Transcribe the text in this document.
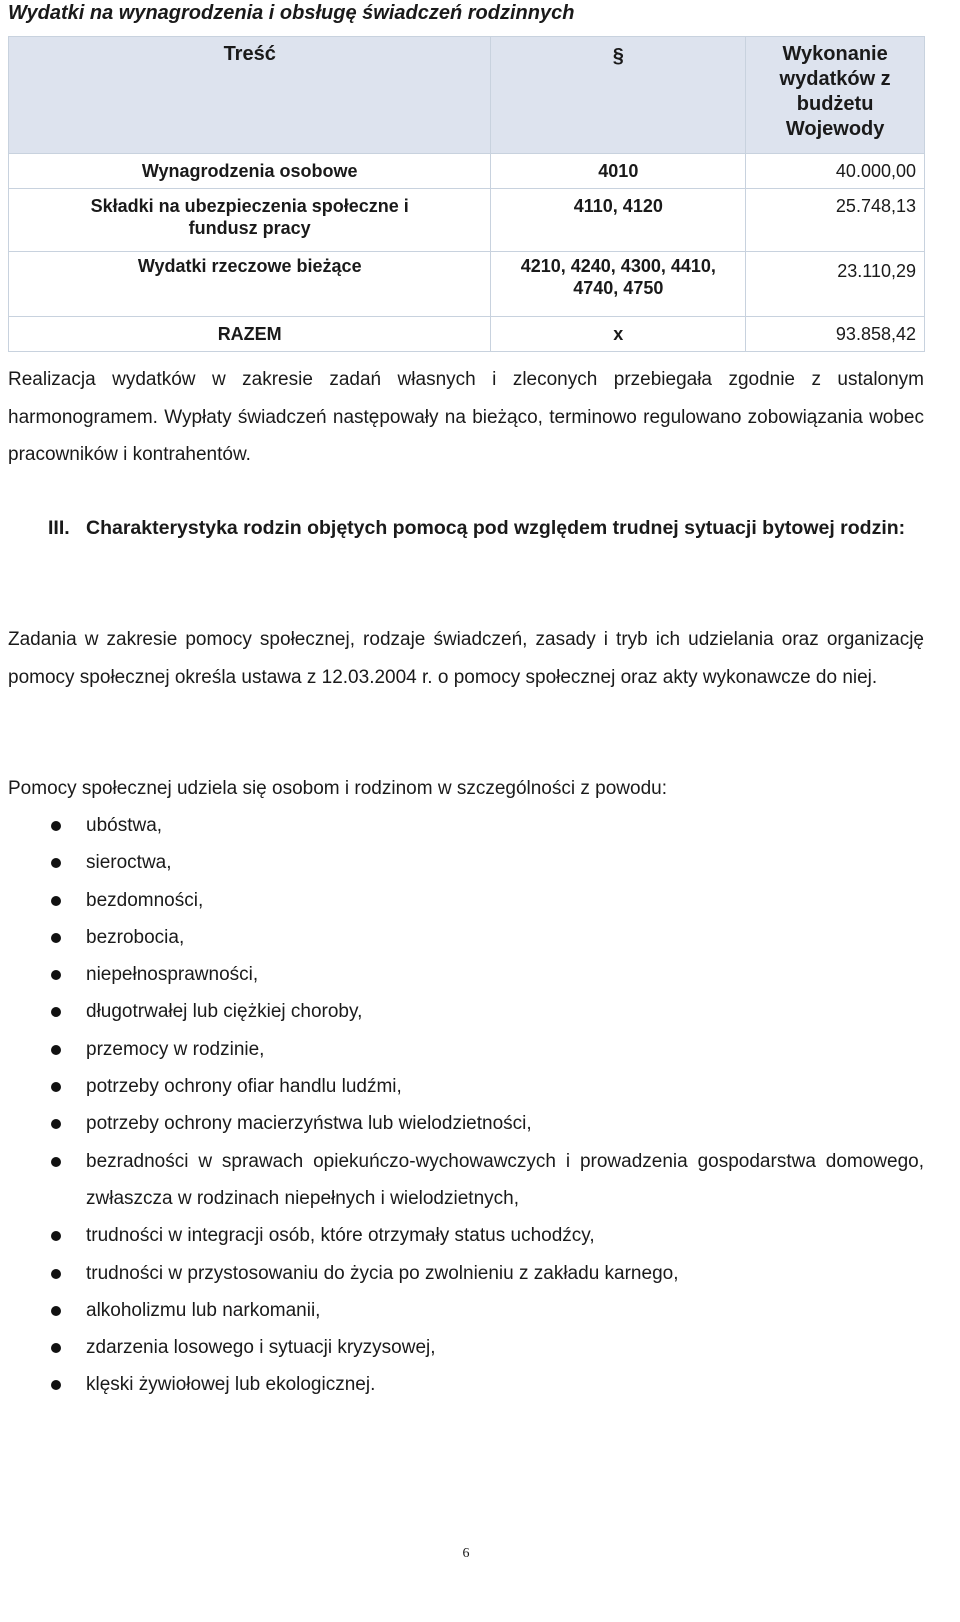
Wydatki na wynagrodzenia i obsługę świadczeń rodzinnych
Treść	§	Wykonanie wydatków z budżetu Wojewody
Wynagrodzenia osobowe	4010	40.000,00

Składki na ubezpieczenia społeczne i fundusz pracy	4110, 4120	25.748,13
Wydatki rzeczowe bieżące	4210, 4240, 4300, 4410, 4740, 4750	23.110,29
RAZEM	x	93.858,42

Realizacja wydatków w zakresie zadań własnych i zleconych przebiegała zgodnie z ustalonym harmonogramem. Wypłaty świadczeń następowały na bieżąco, terminowo regulowano zobowiązania wobec pracowników i kontrahentów.

III. Charakterystyka rodzin objętych pomocą pod względem trudnej sytuacji bytowej rodzin:

Zadania w zakresie pomocy społecznej, rodzaje świadczeń, zasady i tryb ich udzielania oraz organizację pomocy społecznej określa ustawa z 12.03.2004 r. o pomocy społecznej oraz akty wykonawcze do niej.

Pomocy społecznej udziela się osobom i rodzinom w szczególności z powodu:

ubóstwa,
sieroctwa,
bezdomności,
bezrobocia,
niepełnosprawności,
długotrwałej lub ciężkiej choroby,
przemocy w rodzinie,
potrzeby ochrony ofiar handlu ludźmi,
potrzeby ochrony macierzyństwa lub wielodzietności,
bezradności w sprawach opiekuńczo-wychowawczych i prowadzenia gospodarstwa domowego, zwłaszcza w rodzinach niepełnych i wielodzietnych,
trudności w integracji osób, które otrzymały status uchodźcy,
trudności w przystosowaniu do życia po zwolnieniu z zakładu karnego,
alkoholizmu lub narkomanii,
zdarzenia losowego i sytuacji kryzysowej,
klęski żywiołowej lub ekologicznej.
6
